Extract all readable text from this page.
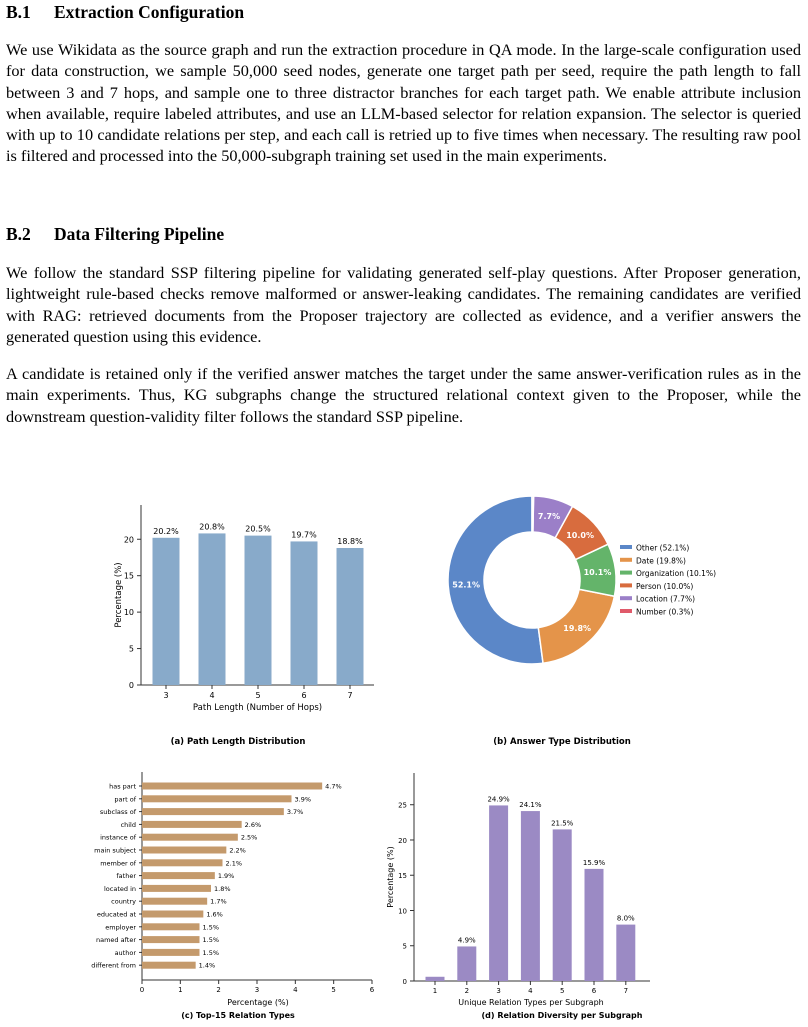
B.1 Extraction Configuration

We use Wikidata as the source graph and run the extraction procedure in QA mode. In the large-scale configuration used for data construction, we sample 50,000 seed nodes, generate one target path per seed, require the path length to fall between 3 and 7 hops, and sample one to three distractor branches for each target path. We enable attribute inclusion when available, require labeled attributes, and use an LLM-based selector for relation expansion. The selector is queried with up to 10 candidate relations per step, and each call is retried up to five times when necessary. The resulting raw pool is filtered and processed into the 50,000-subgraph training set used in the main experiments.

B.2 Data Filtering Pipeline

We follow the standard SSP filtering pipeline for validating generated self-play questions. After Proposer generation, lightweight rule-based checks remove malformed or answer-leaking candidates. The remaining candidates are verified with RAG: retrieved documents from the Proposer trajectory are collected as evidence, and a verifier answers the generated question using this evidence.

A candidate is retained only if the verified answer matches the target under the same answer-verification rules as in the main experiments. Thus, KG subgraphs change the structured relational context given to the Proposer, while the downstream question-validity filter follows the standard SSP pipeline.

0
5
10
15
20
20.2%
3
20.8%
4
20.5%
5
19.7%
6
18.8%
7
Path Length (Number of Hops)
Percentage (%)
(a) Path Length Distribution
52.1%
19.8%
10.1%
10.0%
7.7%
Other (52.1%)
Date (19.8%)
Organization (10.1%)
Person (10.0%)
Location (7.7%)
Number (0.3%)
(b) Answer Type Distribution
4.7%
has part
3.9%
part of
3.7%
subclass of
2.6%
child
2.5%
instance of
2.2%
main subject
2.1%
member of
1.9%
father
1.8%
located in
1.7%
country
1.6%
educated at
1.5%
employer
1.5%
named after
1.5%
author
1.4%
different from
0	1	2	3	4	5	6
Percentage (%)
(c) Top-15 Relation Types
0
5
10
15
20
25
1
4.9%
2
24.9%
3
24.1%
4
21.5%
5
15.9%
6
8.0%
7
Unique Relation Types per Subgraph
Percentage (%)
(d) Relation Diversity per Subgraph
